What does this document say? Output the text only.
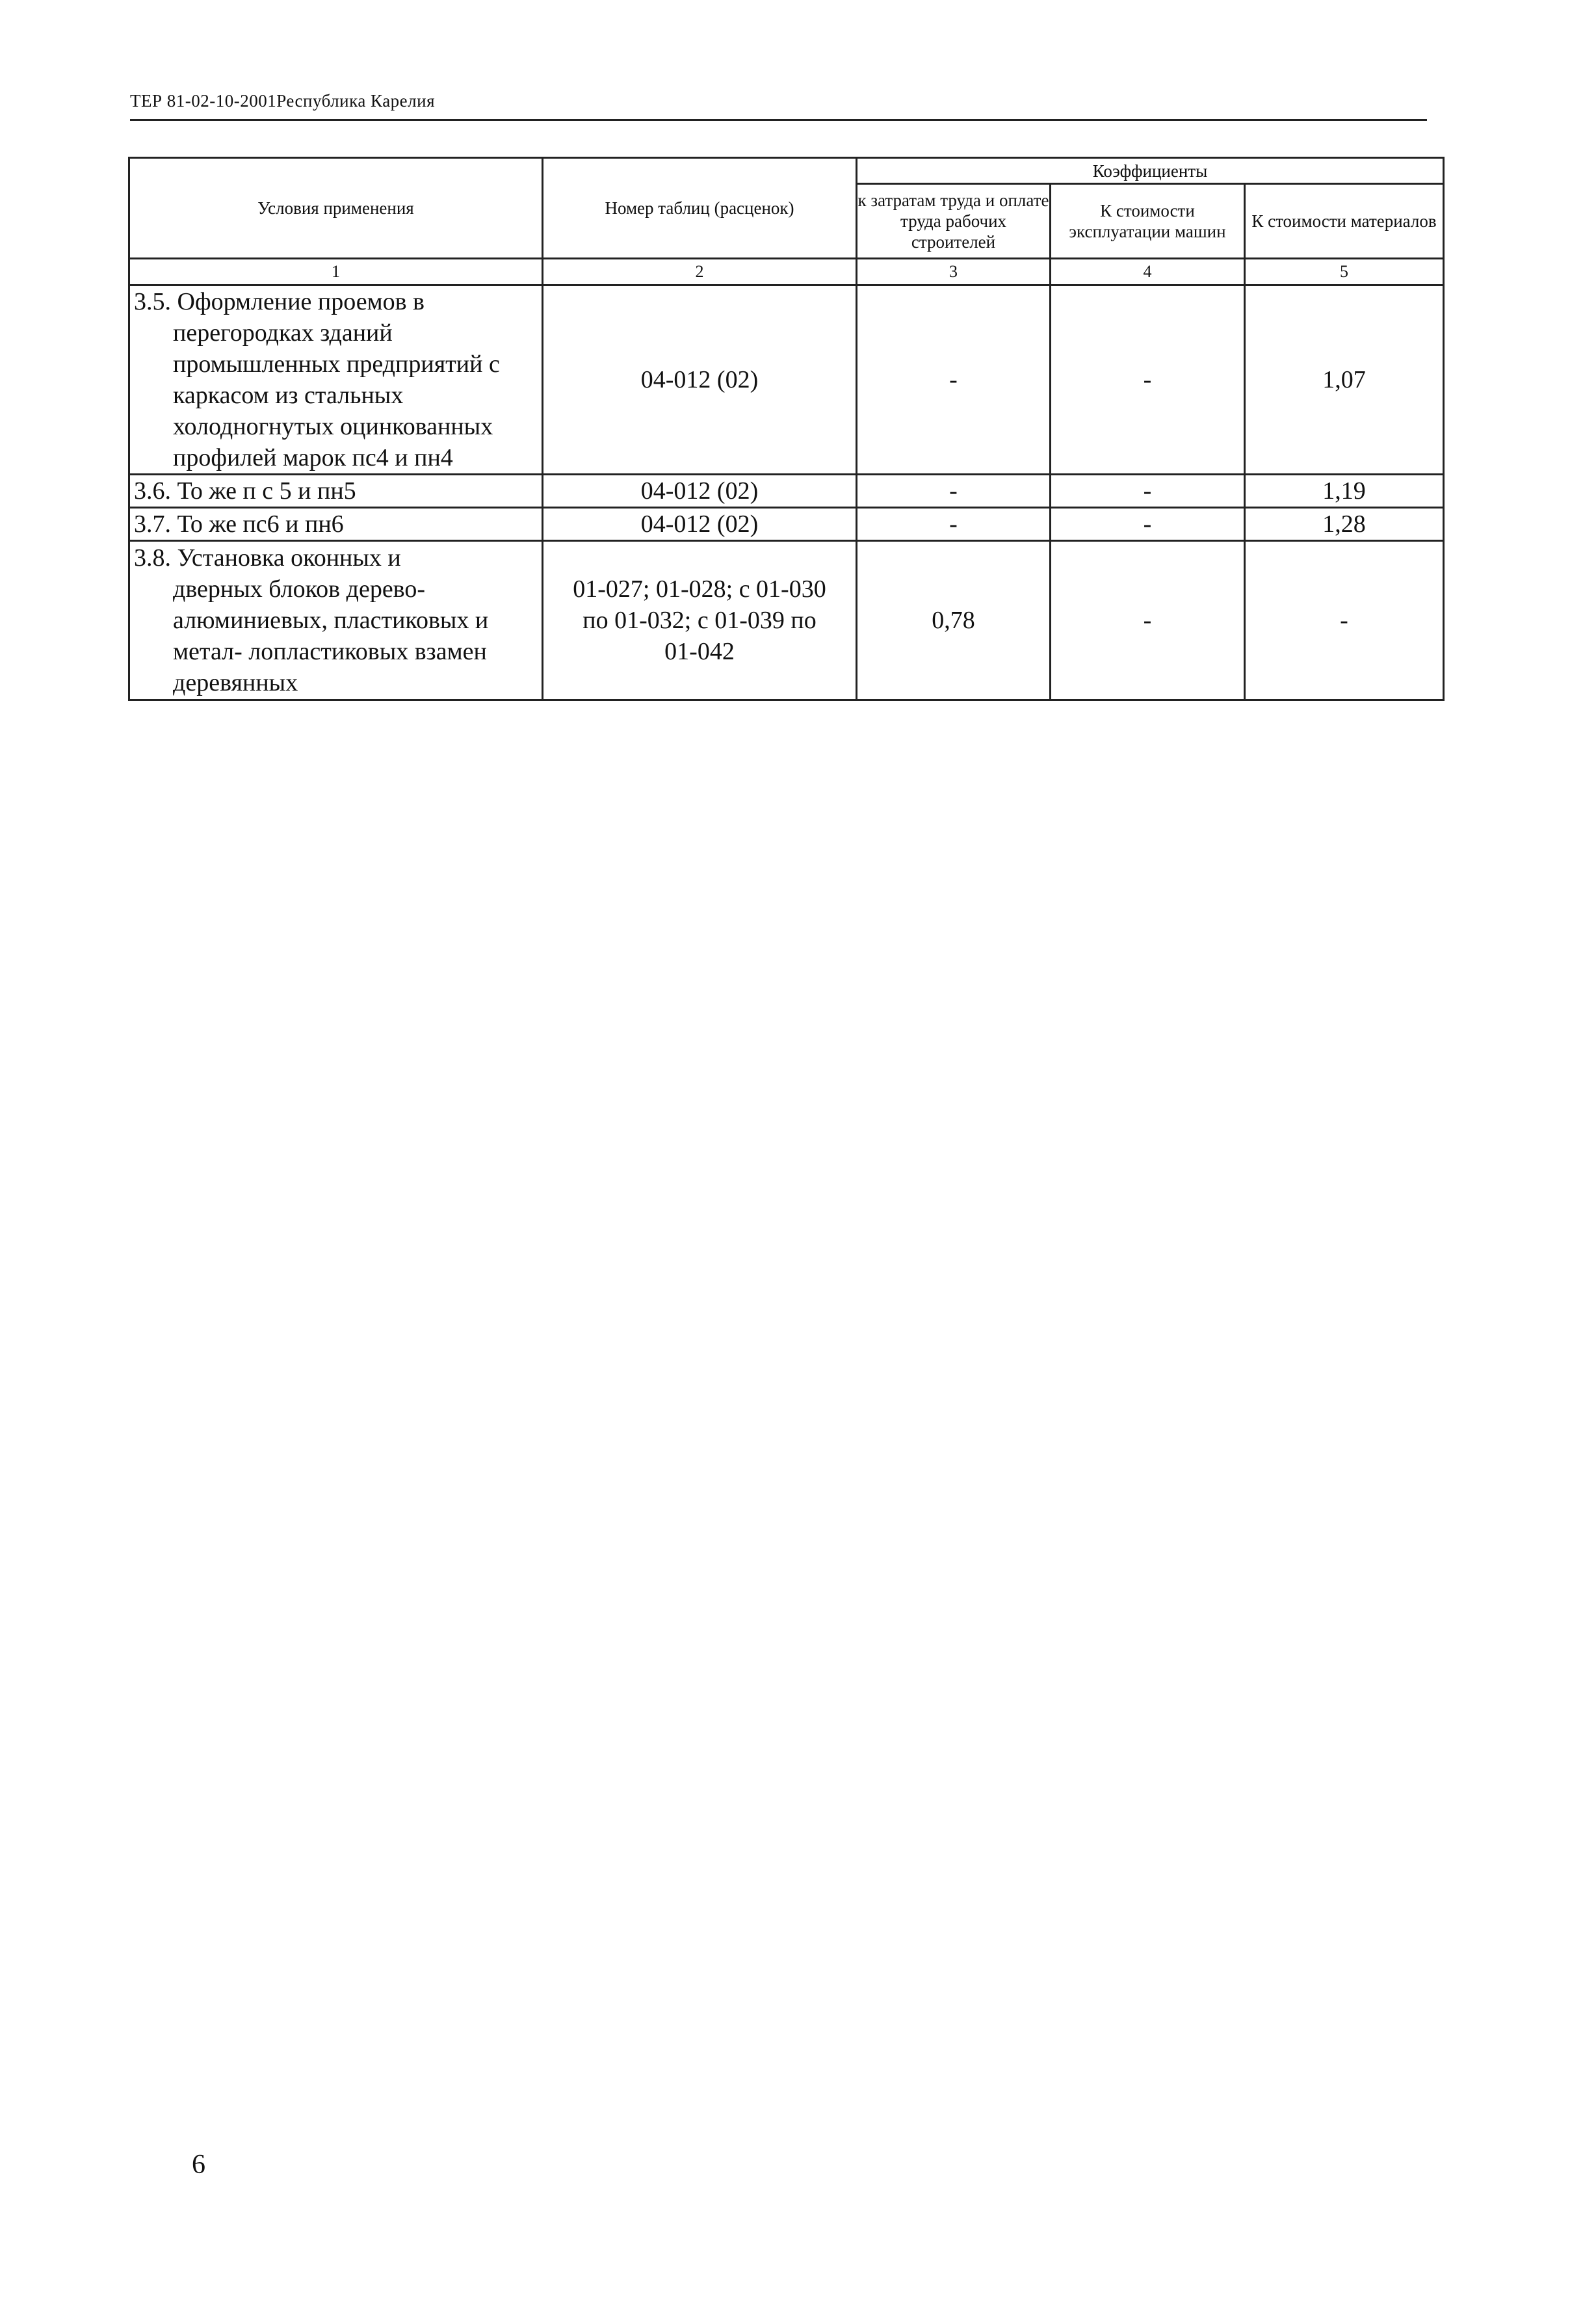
ТЕР 81-02-10-2001Республика Карелия
Условия применения	Номер таблиц (расценок)	Коэффициенты		
		к затратам труда и оплате труда рабочих строителей	К стоимости эксплуатации машин	К стоимости материалов
1	2	3	4	5

3.5. Оформление проемов в
перегородках зданий промышленных предприятий с каркасом из стальных холодногнутых оцинкованных профилей марок пс4 и пн4	04-012 (02)	-	-	1,07

3.6. То же п с 5 и пн5	04-012 (02)	-	-	1,19

3.7. То же пс6 и пн6	04-012 (02)	-	-	1,28

3.8. Установка оконных и
дверных блоков дерево-алюминиевых, пластиковых и метал- лопластиковых взамен деревянных	01-027; 01-028; с 01-030 по 01-032; с 01-039 по 01-042	0,78	-	-
6
